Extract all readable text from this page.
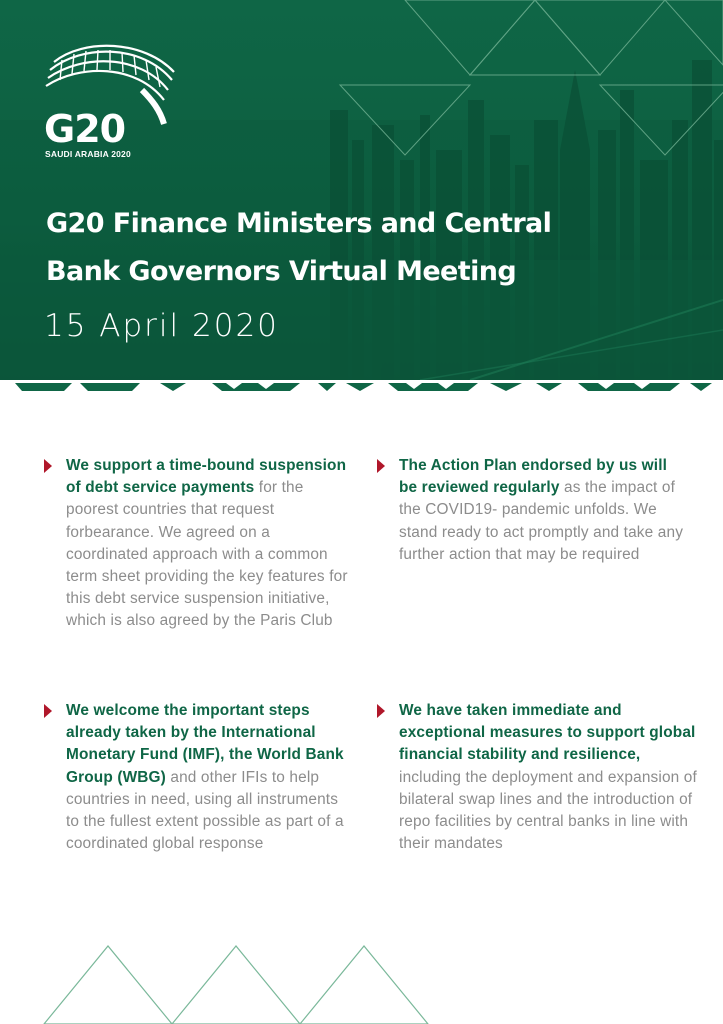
G20
SAUDI ARABIA 2020
G20 Finance Ministers and Central
Bank Governors Virtual Meeting
15 April 2020

We support a time-bound suspension of debt service payments for the poorest countries that request forbearance. We agreed on a coordinated approach with a common term sheet providing the key features for this debt service suspension initiative, which is also agreed by the Paris Club

The Action Plan endorsed by us will be reviewed regularly as the impact of the COVID19- pandemic unfolds. We stand ready to act promptly and take any further action that may be required

We welcome the important steps already taken by the International Monetary Fund (IMF), the World Bank Group (WBG) and other IFIs to help countries in need, using all instruments to the fullest extent possible as part of a coordinated global response

We have taken immediate and exceptional measures to support global financial stability and resilience, including the deployment and expansion of bilateral swap lines and the introduction of repo facilities by central banks in line with their mandates
